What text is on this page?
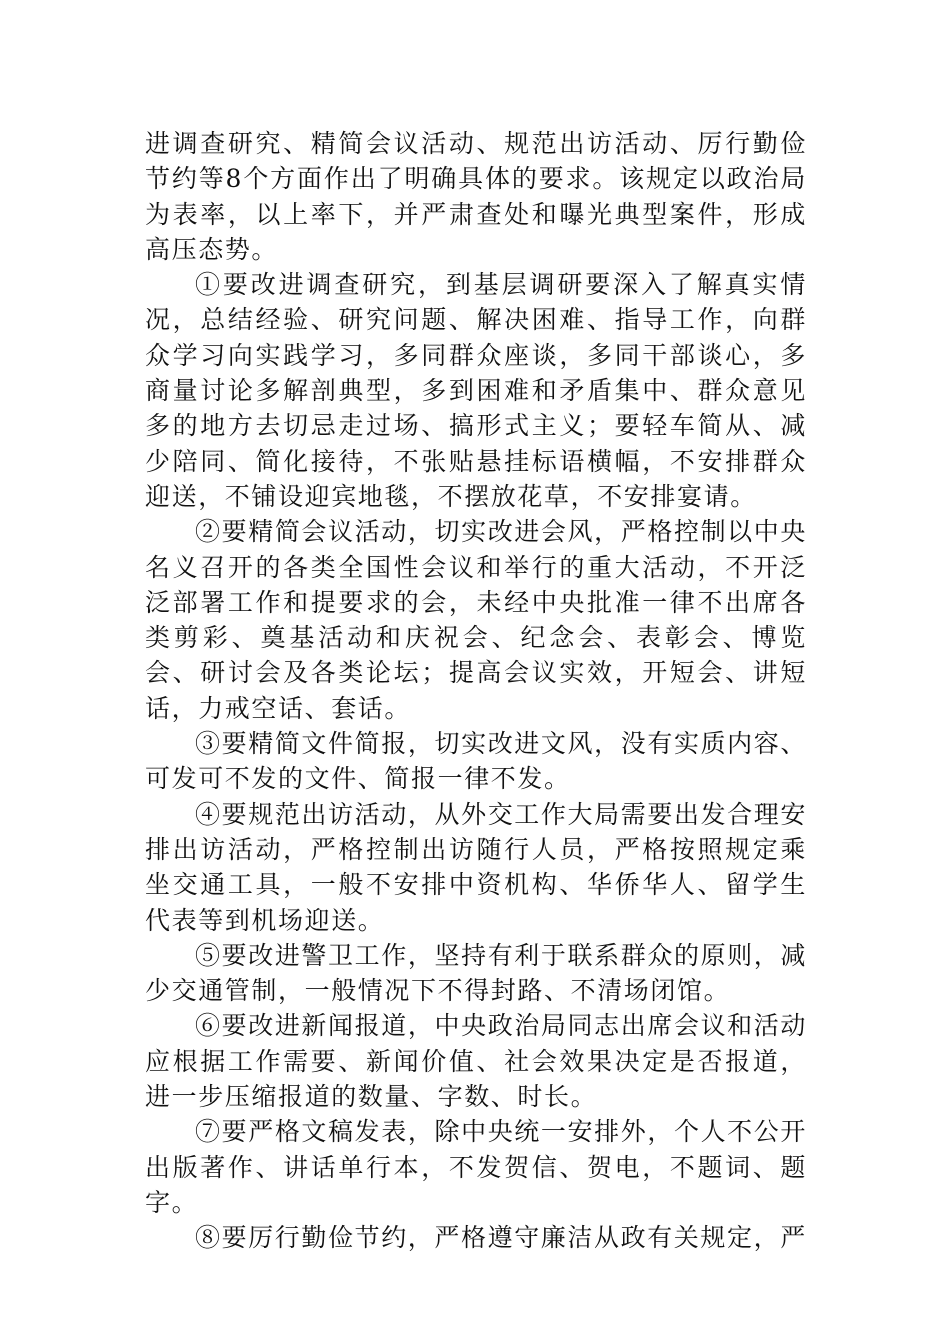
进调查研究、精简会议活动、规范出访活动、厉行勤俭节约等8个方面作出了明确具体的要求。该规定以政治局为表率，以上率下，并严肃查处和曝光典型案件，形成高压态势。

①要改进调查研究，到基层调研要深入了解真实情况，总结经验、研究问题、解决困难、指导工作，向群众学习向实践学习，多同群众座谈，多同干部谈心，多商量讨论多解剖典型，多到困难和矛盾集中、群众意见多的地方去切忌走过场、搞形式主义；要轻车简从、减少陪同、简化接待，不张贴悬挂标语横幅，不安排群众迎送，不铺设迎宾地毯，不摆放花草，不安排宴请。

②要精简会议活动，切实改进会风，严格控制以中央名义召开的各类全国性会议和举行的重大活动，不开泛泛部署工作和提要求的会，未经中央批准一律不出席各类剪彩、奠基活动和庆祝会、纪念会、表彰会、博览会、研讨会及各类论坛；提高会议实效，开短会、讲短话，力戒空话、套话。

③要精简文件简报，切实改进文风，没有实质内容、可发可不发的文件、简报一律不发。

④要规范出访活动，从外交工作大局需要出发合理安排出访活动，严格控制出访随行人员，严格按照规定乘坐交通工具，一般不安排中资机构、华侨华人、留学生代表等到机场迎送。

⑤要改进警卫工作，坚持有利于联系群众的原则，减少交通管制，一般情况下不得封路、不清场闭馆。

⑥要改进新闻报道，中央政治局同志出席会议和活动应根据工作需要、新闻价值、社会效果决定是否报道，进一步压缩报道的数量、字数、时长。

⑦要严格文稿发表，除中央统一安排外，个人不公开出版著作、讲话单行本，不发贺信、贺电，不题词、题字。

⑧要厉行勤俭节约，严格遵守廉洁从政有关规定，严
